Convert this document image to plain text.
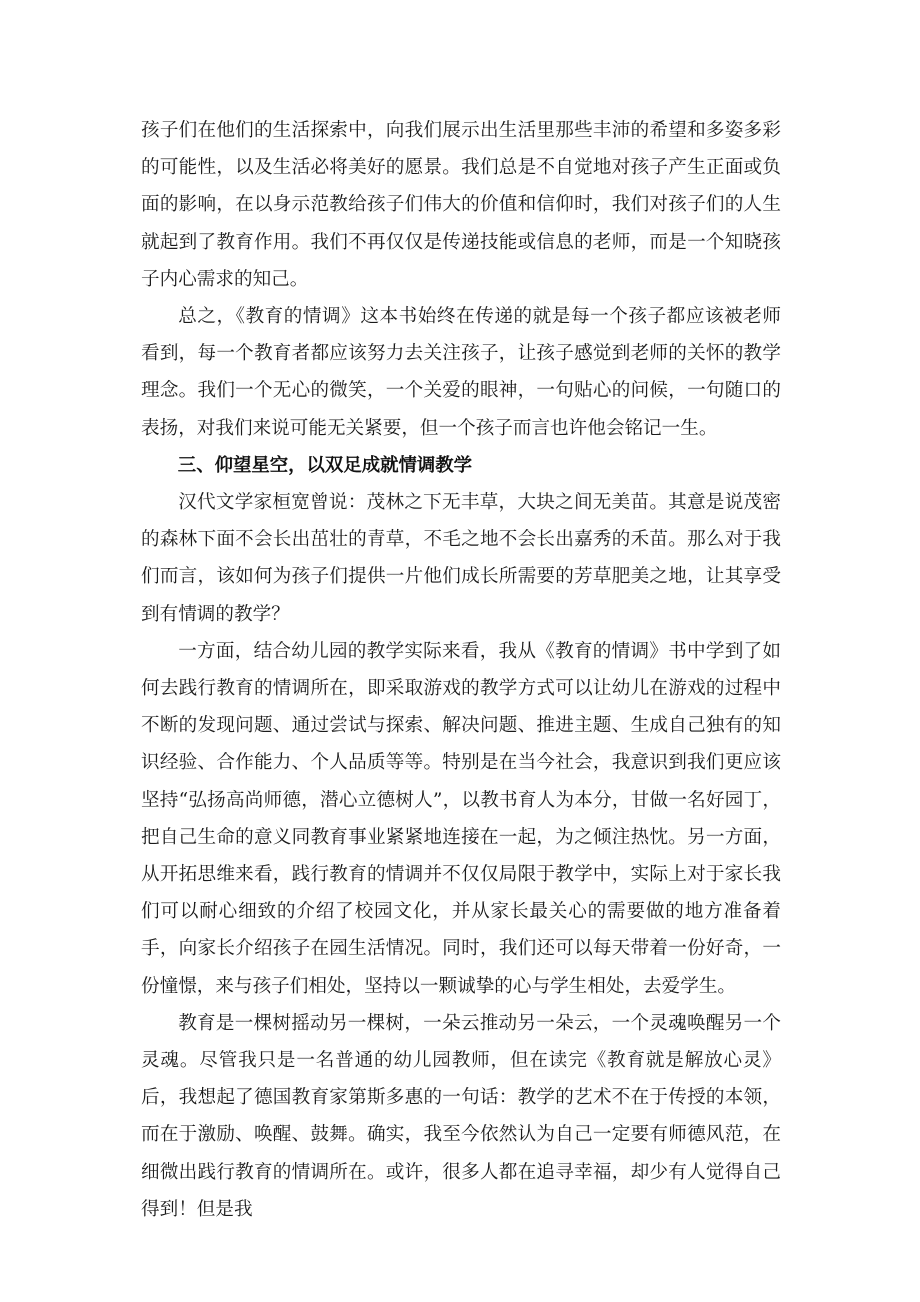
孩子们在他们的生活探索中，向我们展示出生活里那些丰沛的希望和多姿多彩的可能性，以及生活必将美好的愿景。我们总是不自觉地对孩子产生正面或负面的影响，在以身示范教给孩子们伟大的价值和信仰时，我们对孩子们的人生就起到了教育作用。我们不再仅仅是传递技能或信息的老师，而是一个知晓孩子内心需求的知己。

总之，《教育的情调》这本书始终在传递的就是每一个孩子都应该被老师看到，每一个教育者都应该努力去关注孩子，让孩子感觉到老师的关怀的教学理念。我们一个无心的微笑，一个关爱的眼神，一句贴心的问候，一句随口的表扬，对我们来说可能无关紧要，但一个孩子而言也许他会铭记一生。

三、仰望星空，以双足成就情调教学

汉代文学家桓宽曾说：茂林之下无丰草，大块之间无美苗。其意是说茂密的森林下面不会长出茁壮的青草，不毛之地不会长出嘉秀的禾苗。那么对于我们而言，该如何为孩子们提供一片他们成长所需要的芳草肥美之地，让其享受到有情调的教学？

一方面，结合幼儿园的教学实际来看，我从《教育的情调》书中学到了如何去践行教育的情调所在，即采取游戏的教学方式可以让幼儿在游戏的过程中不断的发现问题、通过尝试与探索、解决问题、推进主题、生成自己独有的知识经验、合作能力、个人品质等等。特别是在当今社会，我意识到我们更应该坚持“弘扬高尚师德，潜心立德树人”，以教书育人为本分，甘做一名好园丁，把自己生命的意义同教育事业紧紧地连接在一起，为之倾注热忱。另一方面，从开拓思维来看，践行教育的情调并不仅仅局限于教学中，实际上对于家长我们可以耐心细致的介绍了校园文化，并从家长最关心的需要做的地方准备着手，向家长介绍孩子在园生活情况。同时，我们还可以每天带着一份好奇，一份憧憬，来与孩子们相处，坚持以一颗诚挚的心与学生相处，去爱学生。

教育是一棵树摇动另一棵树，一朵云推动另一朵云，一个灵魂唤醒另一个灵魂。尽管我只是一名普通的幼儿园教师，但在读完《教育就是解放心灵》后，我想起了德国教育家第斯多惠的一句话：教学的艺术不在于传授的本领，而在于激励、唤醒、鼓舞。确实，我至今依然认为自己一定要有师德风范，在细微出践行教育的情调所在。或许，很多人都在追寻幸福，却少有人觉得自己得到！但是我
